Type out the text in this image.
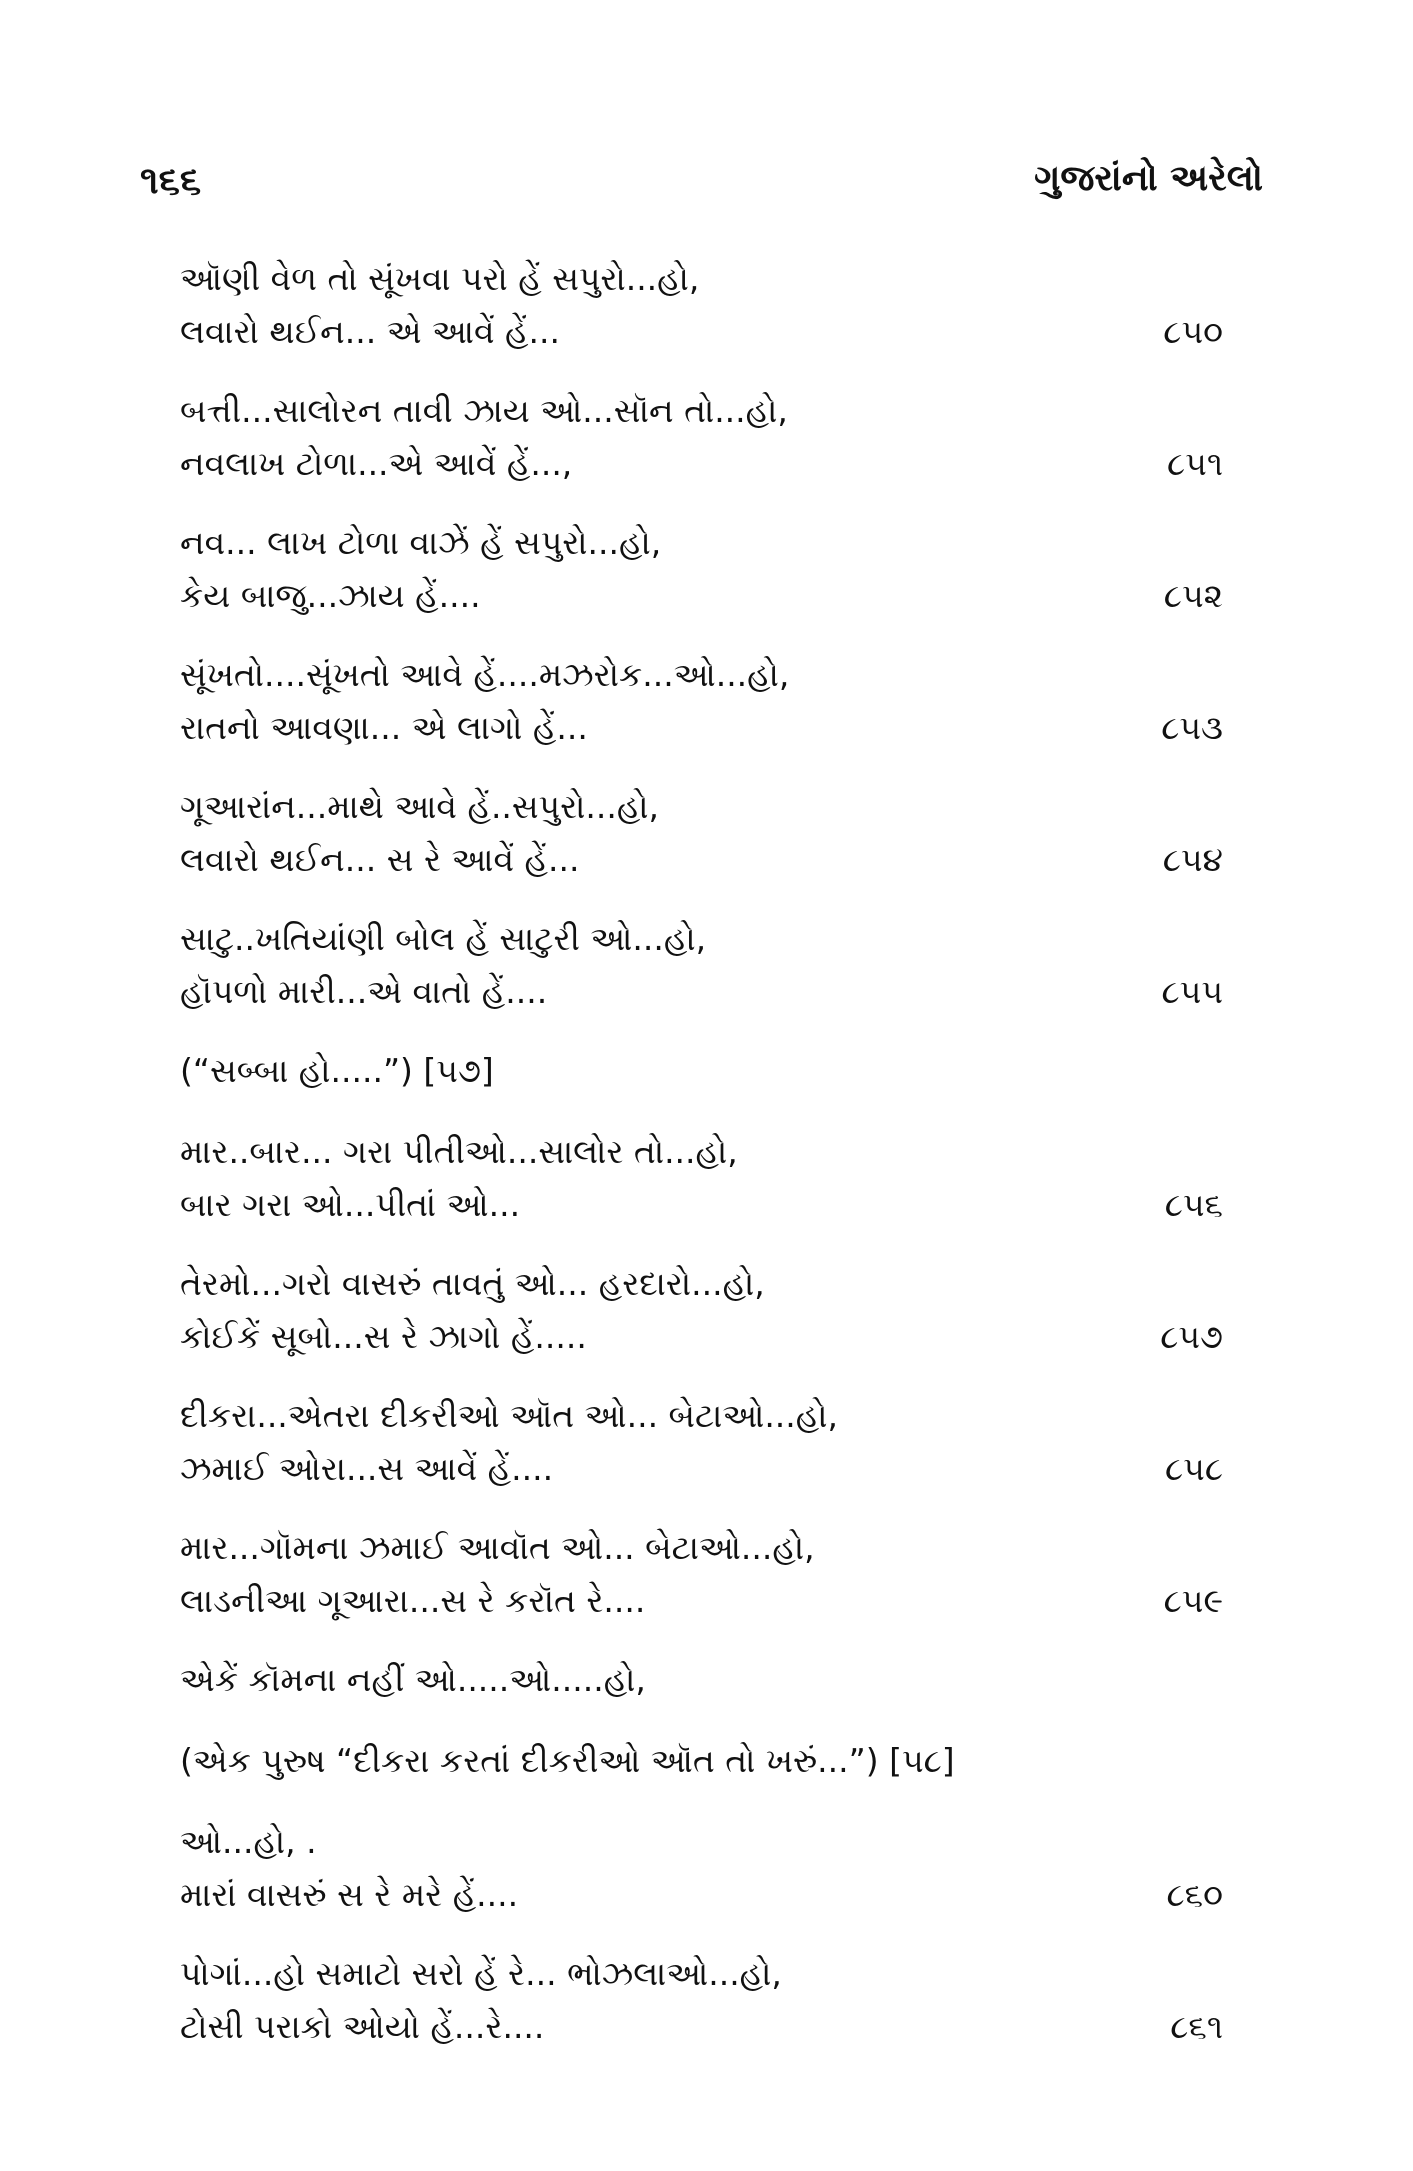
૧૬૬	ગુજરાંનો અરેલો
ઑણી વેળ તો સૂંખવા પરો હેં સપુરો...હો,
લવારો થઈન... એ આવેં હેં...	૮૫૦
બત્તી...સાલોરન તાવી ઝાય ઓ...સૉન તો...હો,
નવલાખ ટોળા...એ આવેં હેં...,	૮૫૧
નવ... લાખ ટોળા વાઝેં હેં સપુરો...હો,
કેય બાજુ...ઝાય હેં....	૮૫૨
સૂંખતો....સૂંખતો આવે હેં....મઝરોક...ઓ...હો,
રાતનો આવણા... એ લાગો હેં...	૮૫૩
ગૂઆરાંન...માથે આવે હેં..સપુરો...હો,
લવારો થઈન... સ રે આવેં હેં...	૮૫૪
સાટુ..ખતિયાંણી બોલ હેં સાટુરી ઓ...હો,
હૉપળો મારી...એ વાતો હેં....	૮૫૫
(“સબ્બા હો.....”) [૫૭]
માર..બાર... ગરા પીતીઓ...સાલોર તો...હો,
બાર ગરા ઓ...પીતાં ઓ...	૮૫૬
તેરમો...ગરો વાસરું તાવતું ઓ... હરદારો...હો,
કોઈકેં સૂબો...સ રે ઝાગો હેં.....	૮૫૭
દીકરા...એતરા દીકરીઓ ઑત ઓ... બેટાઓ...હો,
ઝમાઈ ઓરા...સ આવેં હેં....	૮૫૮
માર...ગૉમના ઝમાઈ આવૉત ઓ... બેટાઓ...હો,
લાડનીઆ ગૂઆરા...સ રે કરૉત રે....	૮૫૯
એકેં કૉમના નહીં ઓ.....ઓ.....હો,
(એક પુરુષ “દીકરા કરતાં દીકરીઓ ઑત તો ખરું...”) [૫૮]
ઓ...હો, .
મારાં વાસરું સ રે મરે હેં....	૮૬૦
પોગાં...હો સમાટો સરો હેં રે... ભોઝલાઓ...હો,
ટોસી પરાકો ઓયો હેં...રે....	૮૬૧
